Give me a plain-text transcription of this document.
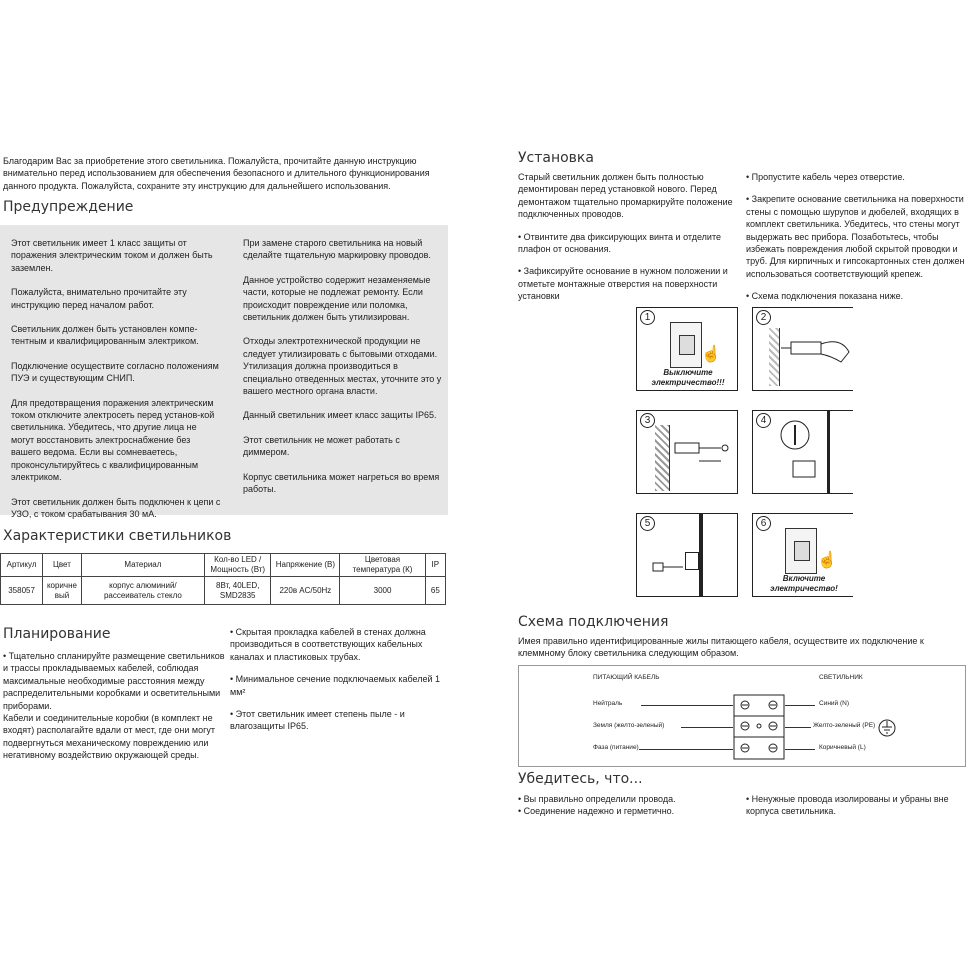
Благодарим Вас за приобретение этого светильника. Пожалуйста, прочитайте данную инструкцию внимательно перед использованием для обеспечения безопасного и длительного функционирования данного продукта. Пожалуйста, сохраните эту инструкцию для дальнейшего использования.
Предупреждение
Этот светильник имеет 1 класс защиты от поражения электрическим током и должен быть заземлен.
Пожалуйста, внимательно прочитайте эту инструкцию перед началом работ.
Светильник должен быть установлен компе-тентным и квалифицированным электриком.
Подключение осуществите согласно положениям ПУЭ и существующим СНИП.
Для предотвращения поражения электрическим током отключите электросеть перед установ-кой светильника. Убедитесь, что другие лица не могут восстановить электроснабжение без вашего ведома. Если вы сомневаетесь, проконсультируйтесь с квалифицированным электриком.
Этот светильник должен быть подключен к цепи с УЗО, с током срабатывания 30 мА.
При замене старого светильника на новый сделайте тщательную маркировку проводов.
Данное устройство содержит незаменяемые части, которые не подлежат ремонту. Если происходит повреждение или поломка, светильник должен быть утилизирован.
Отходы электротехнической продукции не следует утилизировать с бытовыми отходами. Утилизация должна производиться в специально отведенных местах, уточните это у вашего местного органа власти.
Данный светильник имеет класс защиты IP65.
Этот светильник не может работать с диммером.
Корпус светильника может нагреться во время работы.
Характеристики светильников
Артикул	Цвет	Материал	Кол-во LED / Мощность (Вт)	Напряжение (В)	Цветовая температура (К)	IP
358057	коричне вый	корпус алюминий/рассеиватель стекло	8Вт, 40LED, SMD2835	220в AC/50Hz	3000	65
Планирование
• Тщательно спланируйте размещение светильников и трассы прокладываемых кабелей, соблюдая максимальные необходимые расстояния между распределительными коробками и осветительными приборами.
Кабели и соединительные коробки (в комплект не входят) располагайте вдали от мест, где они могут подвергнуться механическому повреждению или негативному воздействию окружающей среды.
• Скрытая прокладка кабелей в стенах должна производиться в соответствующих кабельных каналах и пластиковых трубах.
• Минимальное сечение подключаемых кабелей 1 мм²
• Этот светильник имеет степень пыле - и влагозащиты IP65.
Установка
Старый светильник должен быть полностью демонтирован перед установкой нового. Перед демонтажом тщательно промаркируйте положение подключенных проводов.
• Отвинтите два фиксирующих винта и отделите плафон от основания.
• Зафиксируйте основание в нужном положении и отметьте монтажные отверстия на поверхности установки
• Пропустите кабель через отверстие.
• Закрепите основание светильника на поверхности стены с помощью шурупов и дюбелей, входящих в комплект светильника. Убедитесь, что стены могут выдержать вес прибора. Позаботьтесь, чтобы избежать повреждения любой скрытой проводки и труб. Для кирпичных и гипсокартонных стен должен использоваться соответствующий крепеж.
• Схема подключения показана ниже.
1
☝
Выключите электричество!!!
2
3	4
5	6
☝
Включите электричество!
Схема подключения
Имея правильно идентифицированные жилы питающего кабеля, осуществите их подключение к клеммному блоку светильника следующим образом.
ПИТАЮЩИЙ КАБЕЛЬ	СВЕТИЛЬНИК
Нейтраль
Земля (желто-зеленый)
Фаза (питание)
Синий (N)
Желто-зеленый (PE)
Коричневый (L)
Убедитесь, что...
• Вы правильно определили провода.
• Соединение надежно и герметично.
• Ненужные провода изолированы и убраны вне корпуса светильника.
